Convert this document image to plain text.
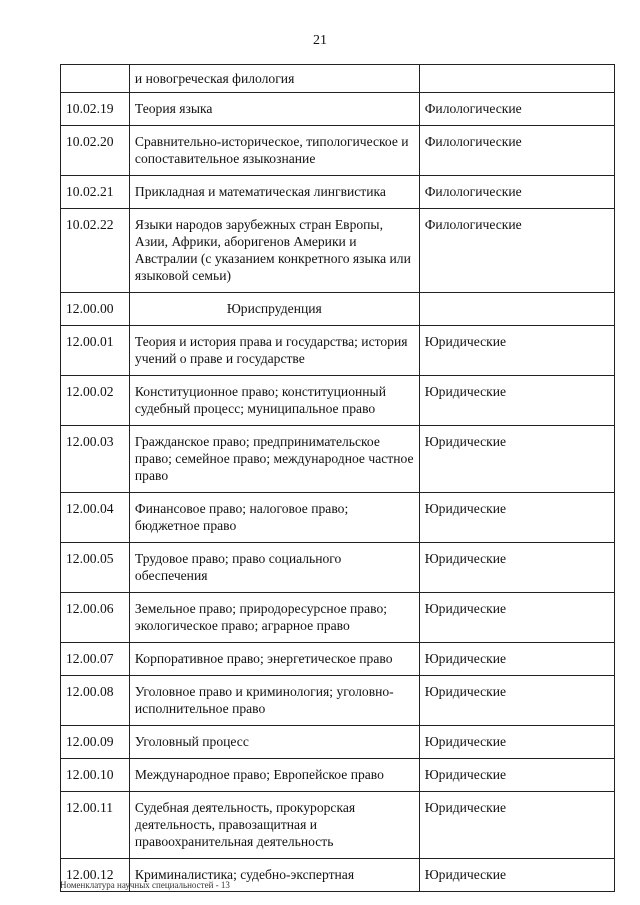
21
	и новогреческая филология	
10.02.19	Теория языка	Филологические
10.02.20	Сравнительно-историческое, типологическое и сопоставительное языкознание	Филологические
10.02.21	Прикладная и математическая лингвистика	Филологические
10.02.22	Языки народов зарубежных стран Европы, Азии, Африки, аборигенов Америки и Австралии (с указанием конкретного языка или языковой семьи)	Филологические
12.00.00	Юриспруденция	
12.00.01	Теория и история права и государства; история учений о праве и государстве	Юридические
12.00.02	Конституционное право; конституционный судебный процесс; муниципальное право	Юридические
12.00.03	Гражданское право; предпринимательское право; семейное право; международное частное право	Юридические
12.00.04	Финансовое право; налоговое право; бюджетное право	Юридические
12.00.05	Трудовое право; право социального обеспечения	Юридические
12.00.06	Земельное право; природоресурсное право; экологическое право; аграрное право	Юридические
12.00.07	Корпоративное право; энергетическое право	Юридические
12.00.08	Уголовное право и криминология; уголовно-исполнительное право	Юридические
12.00.09	Уголовный процесс	Юридические
12.00.10	Международное право; Европейское право	Юридические
12.00.11	Судебная деятельность, прокурорская деятельность, правозащитная и правоохранительная деятельность	Юридические
12.00.12	Криминалистика; судебно-экспертная	Юридические
Номенклатура научных специальностей - 13
